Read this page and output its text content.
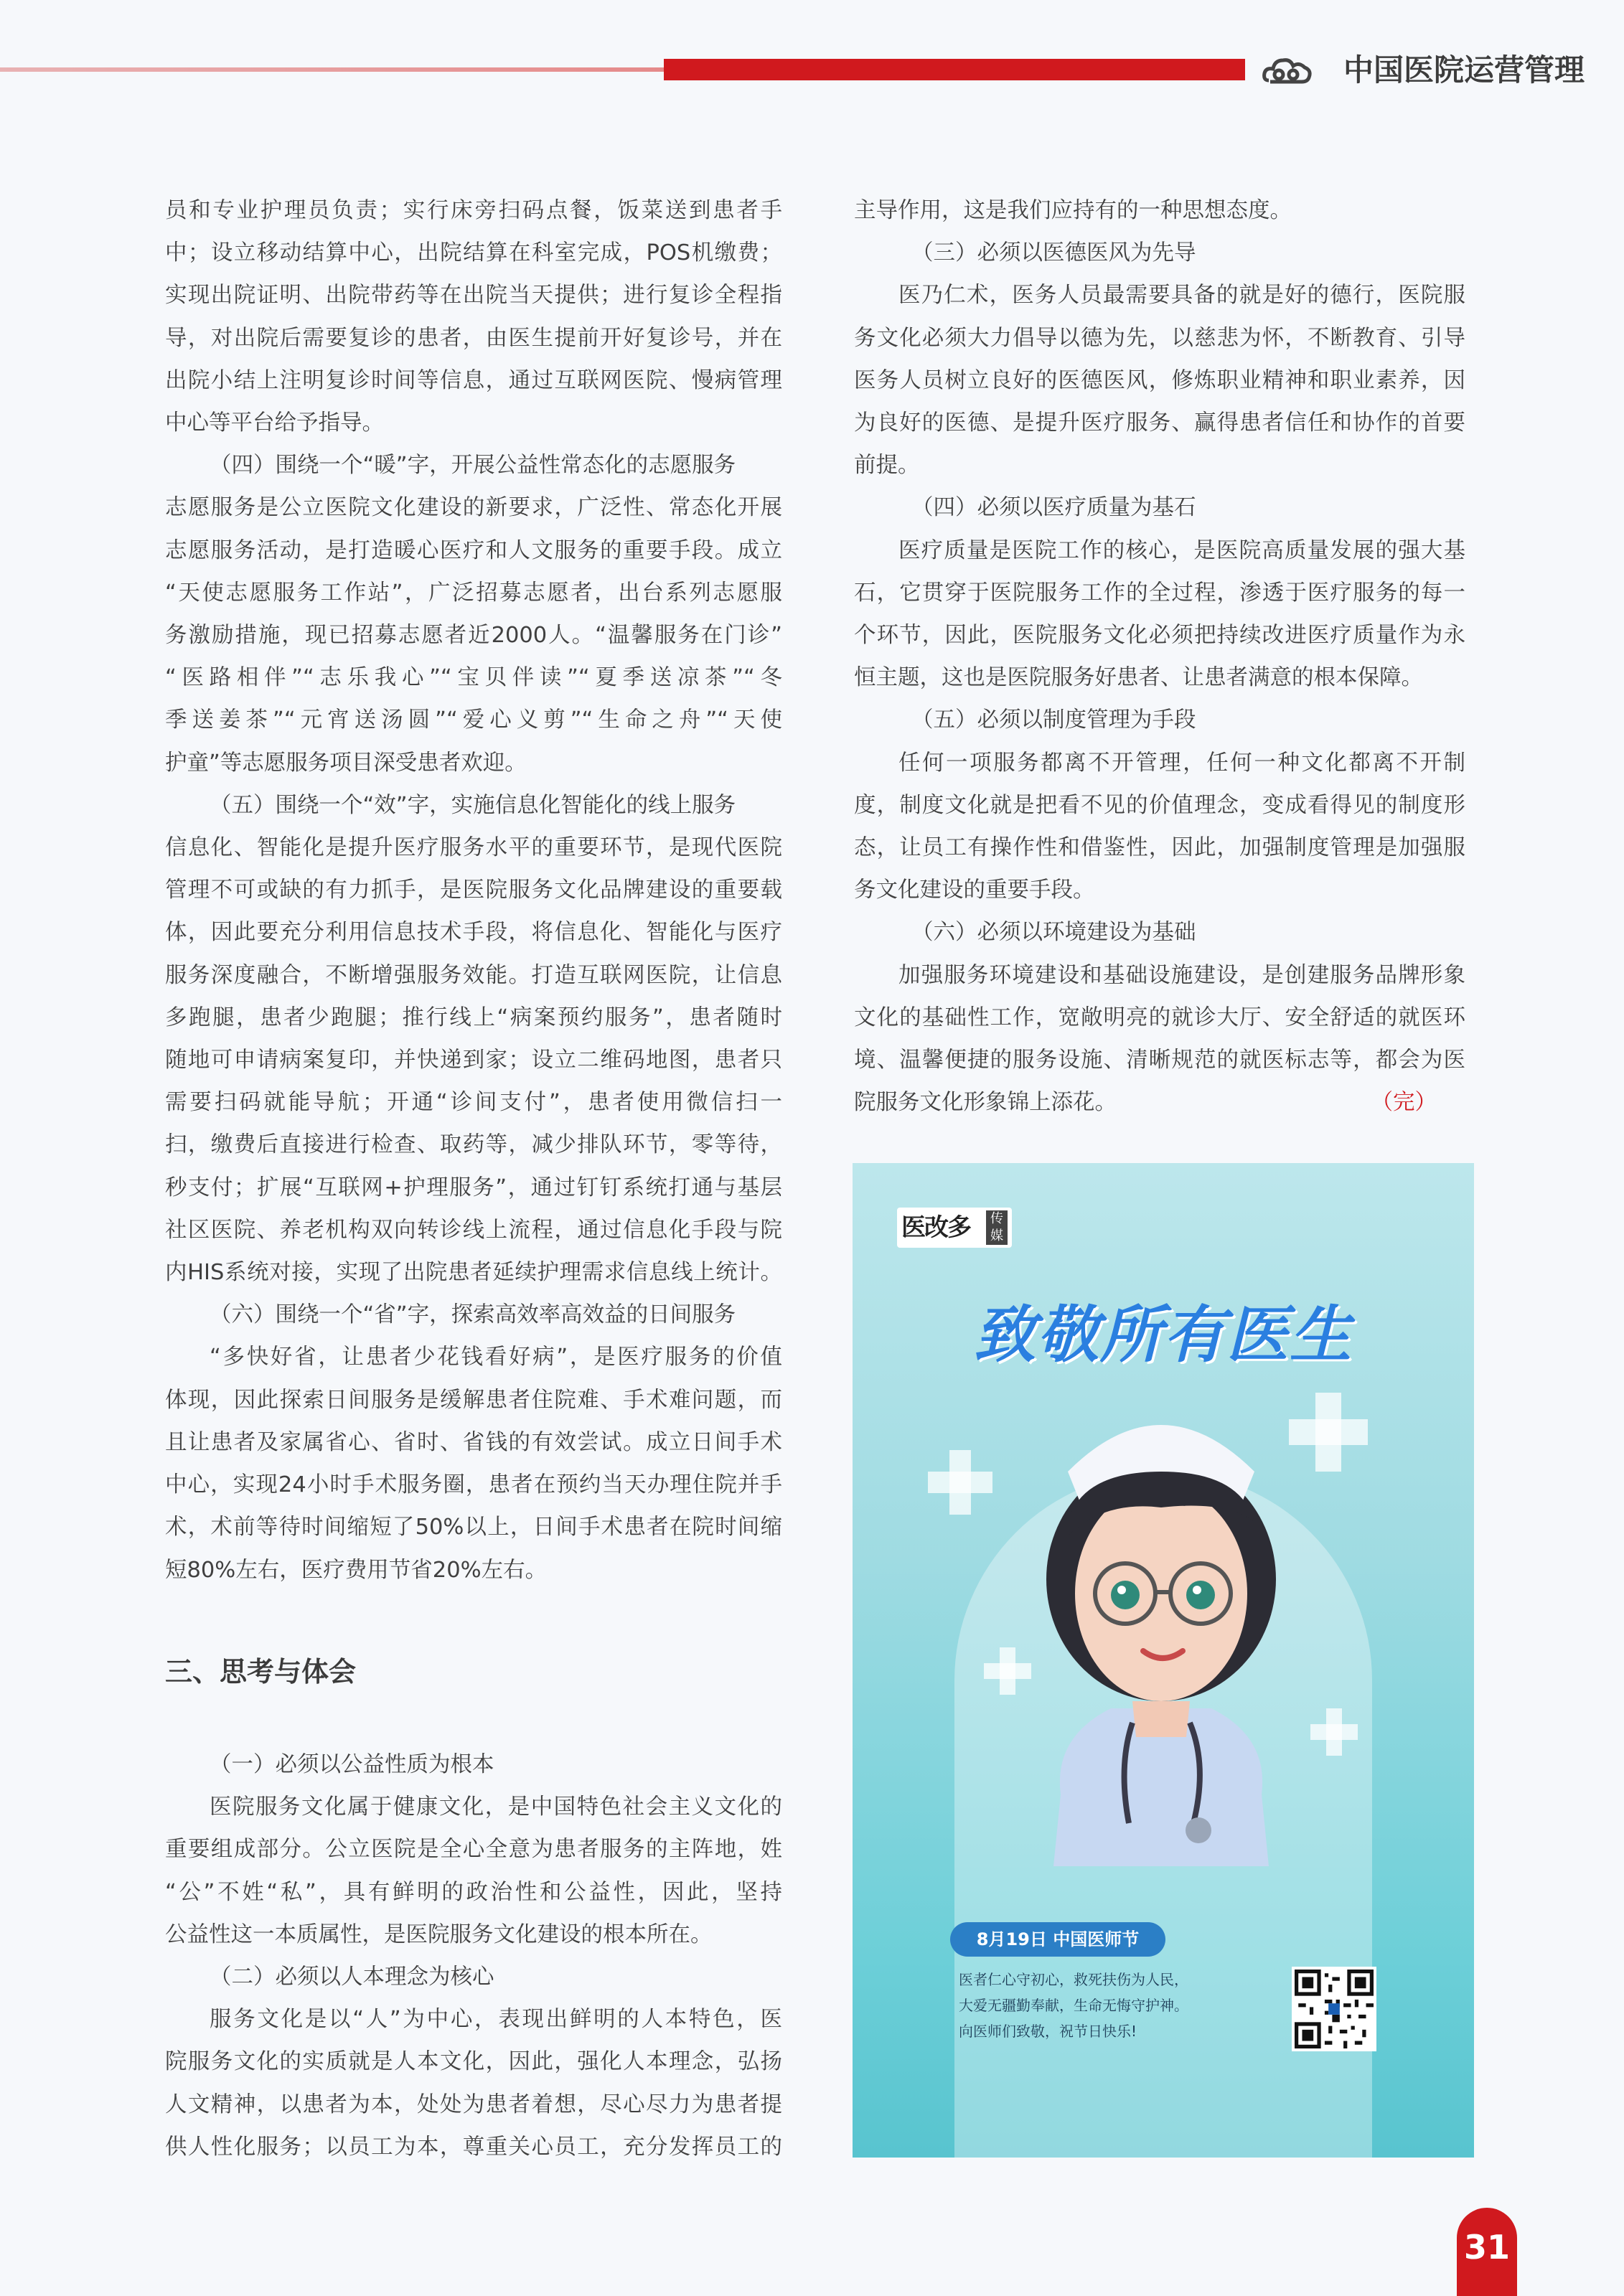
中国医院运营管理

员和专业护理员负责；实行床旁扫码点餐，饭菜送到患者手

中；设立移动结算中心，出院结算在科室完成，POS机缴费；

实现出院证明、出院带药等在出院当天提供；进行复诊全程指

导，对出院后需要复诊的患者，由医生提前开好复诊号，并在

出院小结上注明复诊时间等信息，通过互联网医院、慢病管理

中心等平台给予指导。

（四）围绕一个“暖”字，开展公益性常态化的志愿服务

志愿服务是公立医院文化建设的新要求，广泛性、常态化开展

志愿服务活动，是打造暖心医疗和人文服务的重要手段。成立

“天使志愿服务工作站”，广泛招募志愿者，出台系列志愿服

务激励措施，现已招募志愿者近2000人。“温馨服务在门诊”

“医路相伴”“志乐我心”“宝贝伴读”“夏季送凉茶”“冬

季送姜茶”“元宵送汤圆”“爱心义剪”“生命之舟”“天使

护童”等志愿服务项目深受患者欢迎。

（五）围绕一个“效”字，实施信息化智能化的线上服务

信息化、智能化是提升医疗服务水平的重要环节，是现代医院

管理不可或缺的有力抓手，是医院服务文化品牌建设的重要载

体，因此要充分利用信息技术手段，将信息化、智能化与医疗

服务深度融合，不断增强服务效能。打造互联网医院，让信息

多跑腿，患者少跑腿；推行线上“病案预约服务”，患者随时

随地可申请病案复印，并快递到家；设立二维码地图，患者只

需要扫码就能导航；开通“诊间支付”，患者使用微信扫一

扫，缴费后直接进行检查、取药等，减少排队环节，零等待，

秒支付；扩展“互联网+护理服务”，通过钉钉系统打通与基层

社区医院、养老机构双向转诊线上流程，通过信息化手段与院

内HIS系统对接，实现了出院患者延续护理需求信息线上统计。

（六）围绕一个“省”字，探索高效率高效益的日间服务

“多快好省，让患者少花钱看好病”，是医疗服务的价值

体现，因此探索日间服务是缓解患者住院难、手术难问题，而

且让患者及家属省心、省时、省钱的有效尝试。成立日间手术

中心，实现24小时手术服务圈，患者在预约当天办理住院并手

术，术前等待时间缩短了50%以上，日间手术患者在院时间缩

短80%左右，医疗费用节省20%左右。

三、思考与体会

（一）必须以公益性质为根本

医院服务文化属于健康文化，是中国特色社会主义文化的

重要组成部分。公立医院是全心全意为患者服务的主阵地，姓

“公”不姓“私”，具有鲜明的政治性和公益性，因此，坚持

公益性这一本质属性，是医院服务文化建设的根本所在。

（二）必须以人本理念为核心

服务文化是以“人”为中心，表现出鲜明的人本特色，医

院服务文化的实质就是人本文化，因此，强化人本理念，弘扬

人文精神，以患者为本，处处为患者着想，尽心尽力为患者提

供人性化服务；以员工为本，尊重关心员工，充分发挥员工的

主导作用，这是我们应持有的一种思想态度。

（三）必须以医德医风为先导

医乃仁术，医务人员最需要具备的就是好的德行，医院服

务文化必须大力倡导以德为先，以慈悲为怀，不断教育、引导

医务人员树立良好的医德医风，修炼职业精神和职业素养，因

为良好的医德、是提升医疗服务、赢得患者信任和协作的首要

前提。

（四）必须以医疗质量为基石

医疗质量是医院工作的核心，是医院高质量发展的强大基

石，它贯穿于医院服务工作的全过程，渗透于医疗服务的每一

个环节，因此，医院服务文化必须把持续改进医疗质量作为永

恒主题，这也是医院服务好患者、让患者满意的根本保障。

（五）必须以制度管理为手段

任何一项服务都离不开管理，任何一种文化都离不开制

度，制度文化就是把看不见的价值理念，变成看得见的制度形

态，让员工有操作性和借鉴性，因此，加强制度管理是加强服

务文化建设的重要手段。

（六）必须以环境建设为基础

加强服务环境建设和基础设施建设，是创建服务品牌形象

文化的基础性工作，宽敞明亮的就诊大厅、安全舒适的就医环

境、温馨便捷的服务设施、清晰规范的就医标志等，都会为医

院服务文化形象锦上添花。	（完）

医改多	传媒
致敬所有医生
8月19日 中国医师节
医者仁心守初心，救死扶伤为人民，
大爱无疆勤奉献，生命无悔守护神。
向医师们致敬，祝节日快乐!
31
